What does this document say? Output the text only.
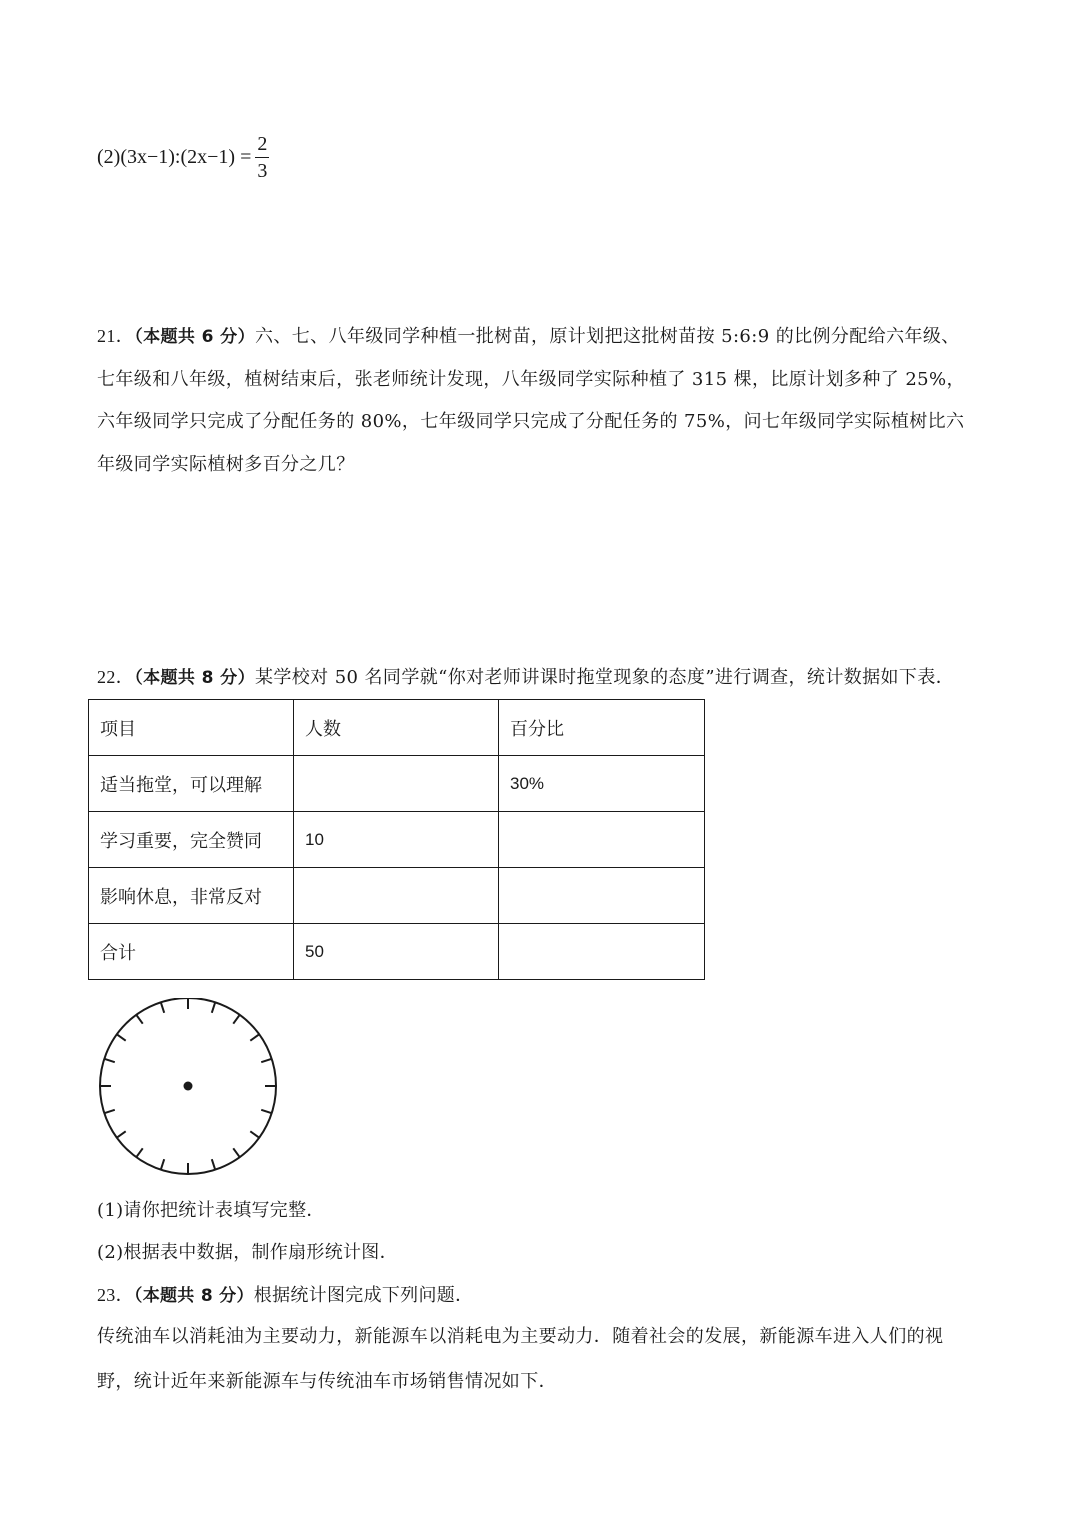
(2)(3x−1):(2x−1) = $\frac{2}{3}$
21．（本题共 6 分）六、七、八年级同学种植一批树苗，原计划把这批树苗按 5:6:9 的比例分配给六年级、
七年级和八年级，植树结束后，张老师统计发现，八年级同学实际种植了 315 棵，比原计划多种了 25%，
六年级同学只完成了分配任务的 80%，七年级同学只完成了分配任务的 75%，问七年级同学实际植树比六
年级同学实际植树多百分之几？
22．（本题共 8 分）某学校对 50 名同学就“你对老师讲课时拖堂现象的态度”进行调查，统计数据如下表．
项目	人数	百分比
适当拖堂，可以理解		30%
学习重要，完全赞同	10	
影响休息，非常反对		
合计	50	
(1)请你把统计表填写完整．
(2)根据表中数据，制作扇形统计图．
23．（本题共 8 分）根据统计图完成下列问题．
传统油车以消耗油为主要动力，新能源车以消耗电为主要动力．随着社会的发展，新能源车进入人们的视
野，统计近年来新能源车与传统油车市场销售情况如下．
